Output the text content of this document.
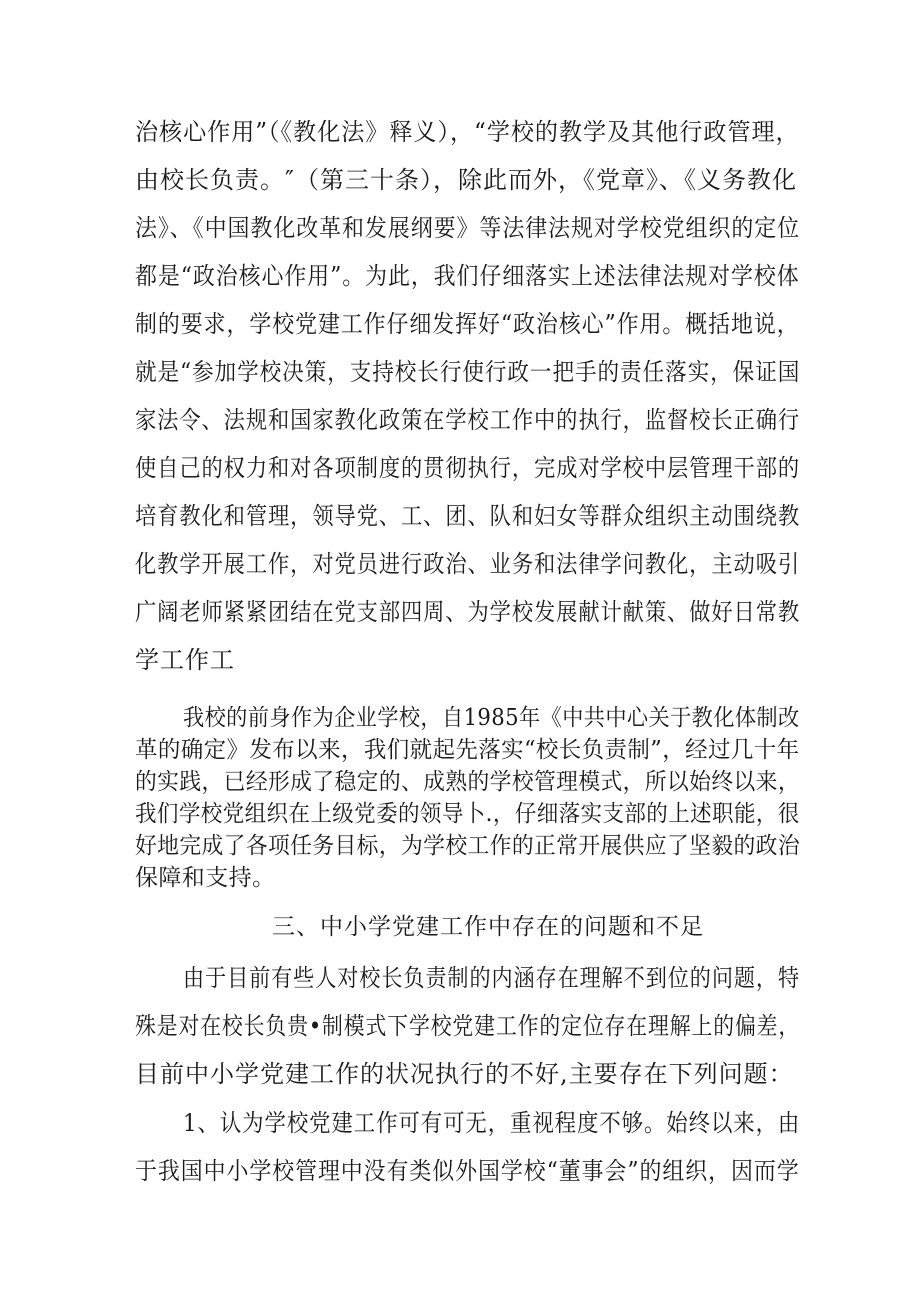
治核心作用”（《教化法》释义），“学校的教学及其他行政管理，
由校长负责。″（第三十条），除此而外，《党章》、《义务教化
法》、《中国教化改革和发展纲要》等法律法规对学校党组织的定位
都是“政治核心作用”。为此，我们仔细落实上述法律法规对学校体
制的要求，学校党建工作仔细发挥好“政治核心”作用。概括地说，
就是“参加学校决策，支持校长行使行政一把手的责任落实，保证国
家法令、法规和国家教化政策在学校工作中的执行，监督校长正确行
使自己的权力和对各项制度的贯彻执行，完成对学校中层管理干部的
培育教化和管理，领导党、工、团、队和妇女等群众组织主动围绕教
化教学开展工作，对党员进行政治、业务和法律学问教化，主动吸引
广阔老师紧紧团结在党支部四周、为学校发展献计献策、做好日常教
学工作工
我校的前身作为企业学校，自1985年《中共中心关于教化体制改
革的确定》发布以来，我们就起先落实“校长负责制”，经过几十年
的实践，已经形成了稳定的、成熟的学校管理模式，所以始终以来，
我们学校党组织在上级党委的领导卜.，仔细落实支部的上述职能，很
好地完成了各项任务目标，为学校工作的正常开展供应了坚毅的政治
保障和支持。
三、中小学党建工作中存在的问题和不足
由于目前有些人对校长负责制的内涵存在理解不到位的问题，特
殊是对在校长负贵•制模式下学校党建工作的定位存在理解上的偏差，
目前中小学党建工作的状况执行的不好,主要存在下列问题：
1、认为学校党建工作可有可无，重视程度不够。始终以来，由
于我国中小学校管理中没有类似外国学校“董事会”的组织，因而学
